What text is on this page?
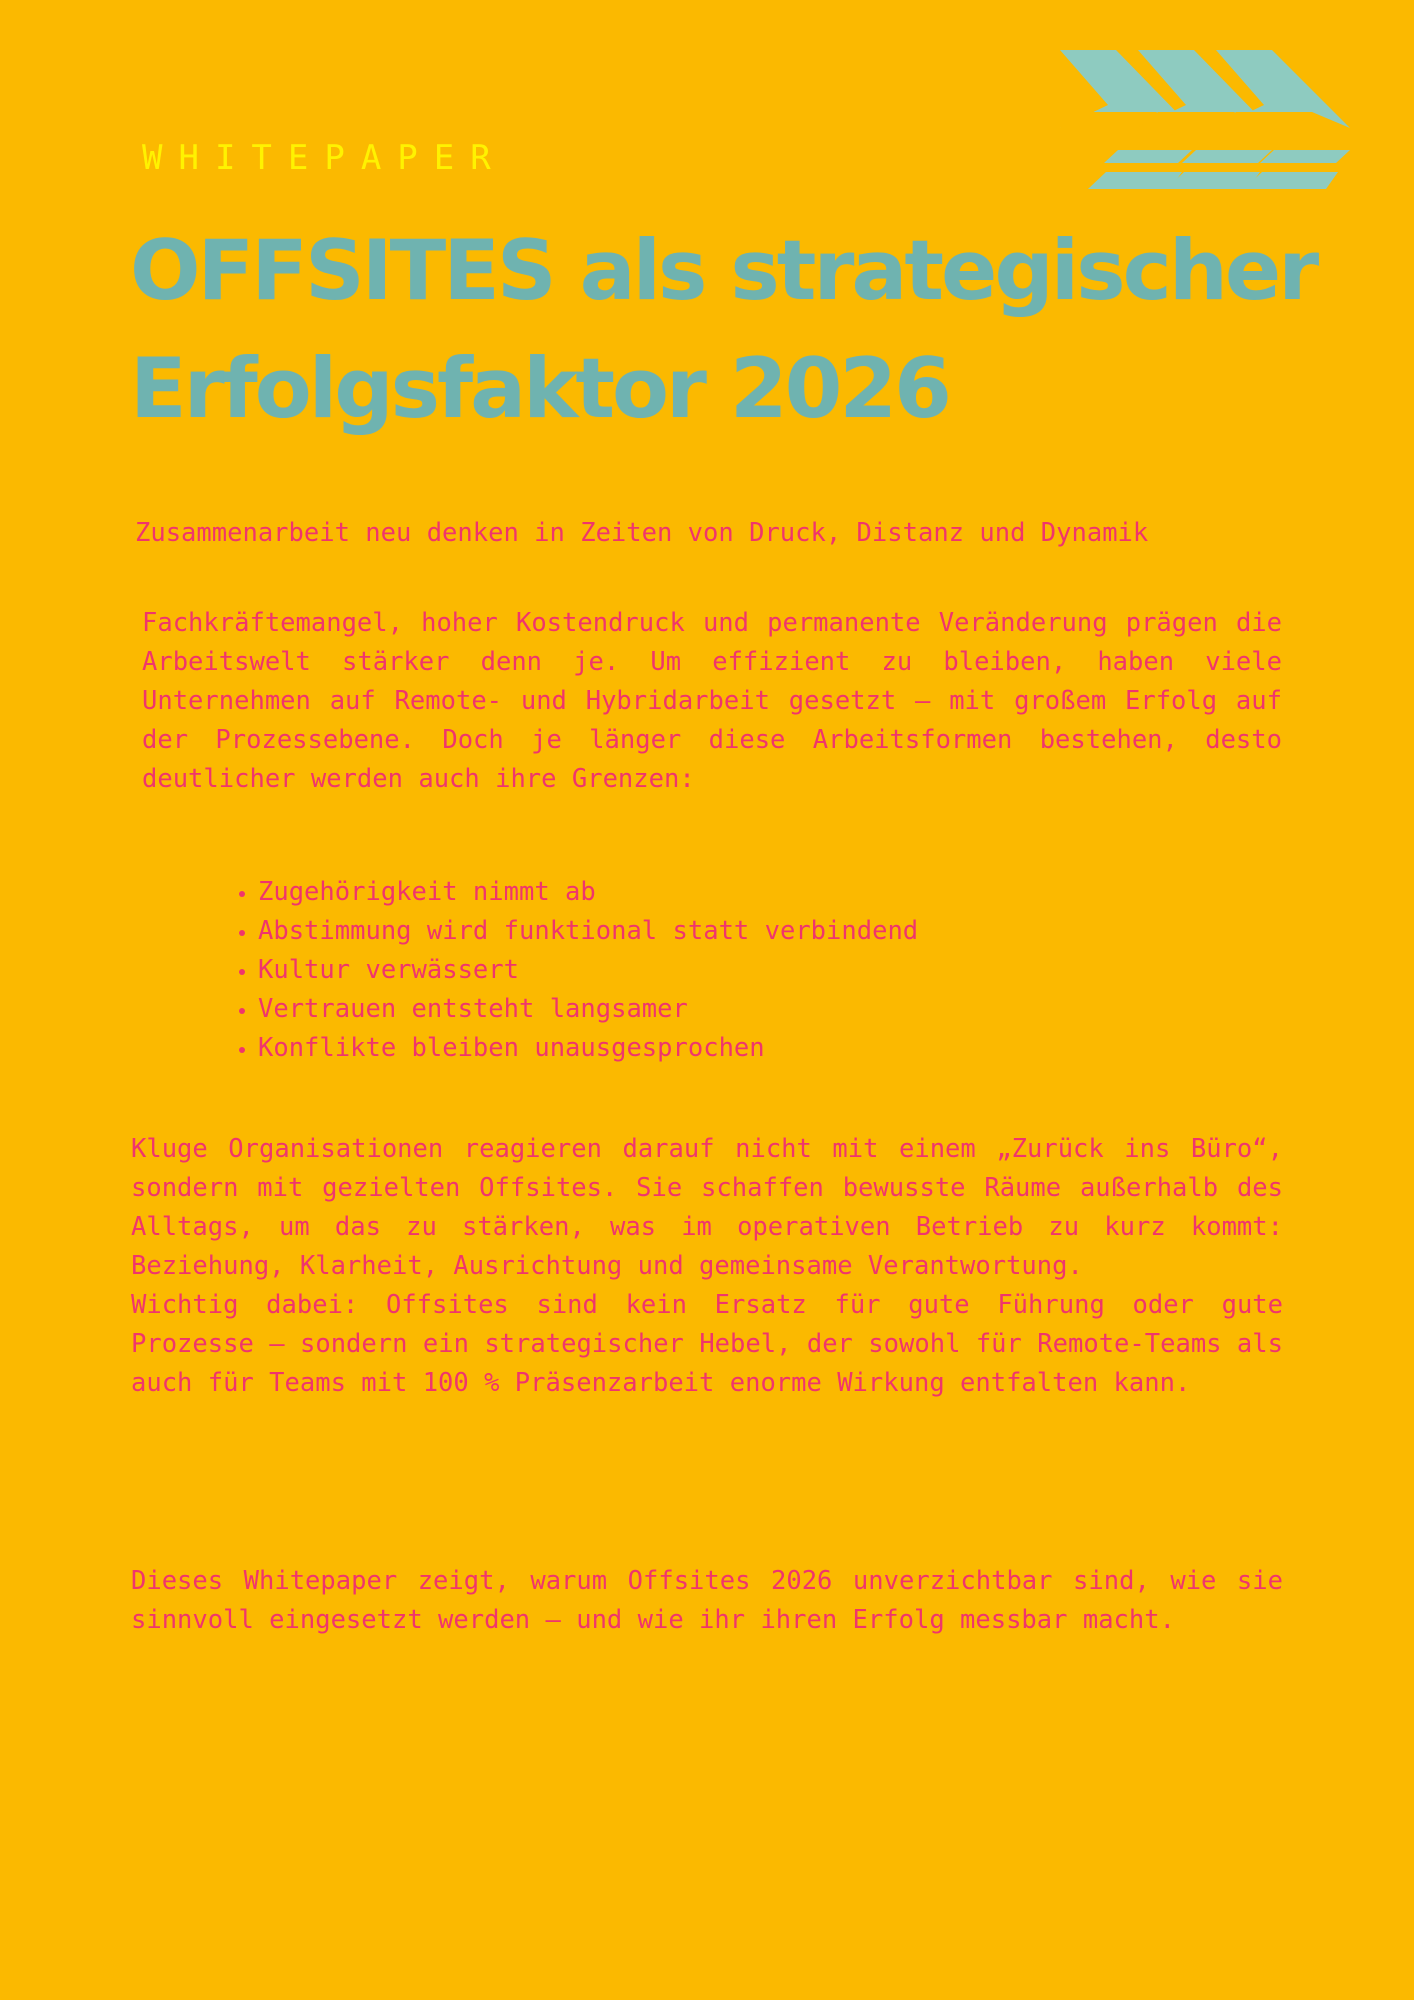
WHITEPAPER

OFFSITES als strategischer
Erfolgsfaktor 2026

Zusammenarbeit neu denken in Zeiten von Druck, Distanz und Dynamik

Fachkräftemangel, hoher Kostendruck und permanente Veränderung prägen die Arbeitswelt stärker denn je. Um effizient zu bleiben, haben viele Unternehmen auf Remote- und Hybridarbeit gesetzt – mit großem Erfolg auf der Prozessebene. Doch je länger diese Arbeitsformen bestehen, desto deutlicher werden auch ihre Grenzen:

• Zugehörigkeit nimmt ab
• Abstimmung wird funktional statt verbindend
• Kultur verwässert
• Vertrauen entsteht langsamer
• Konflikte bleiben unausgesprochen
Kluge Organisationen reagieren darauf nicht mit einem „Zurück ins Büro“, sondern mit gezielten Offsites. Sie schaffen bewusste Räume außerhalb des Alltags, um das zu stärken, was im operativen Betrieb zu kurz kommt: Beziehung, Klarheit, Ausrichtung und gemeinsame Verantwortung.
Wichtig dabei: Offsites sind kein Ersatz für gute Führung oder gute Prozesse – sondern ein strategischer Hebel, der sowohl für Remote-Teams als auch für Teams mit 100 % Präsenzarbeit enorme Wirkung entfalten kann.

Dieses Whitepaper zeigt, warum Offsites 2026 unverzichtbar sind, wie sie sinnvoll eingesetzt werden – und wie ihr ihren Erfolg messbar macht.
